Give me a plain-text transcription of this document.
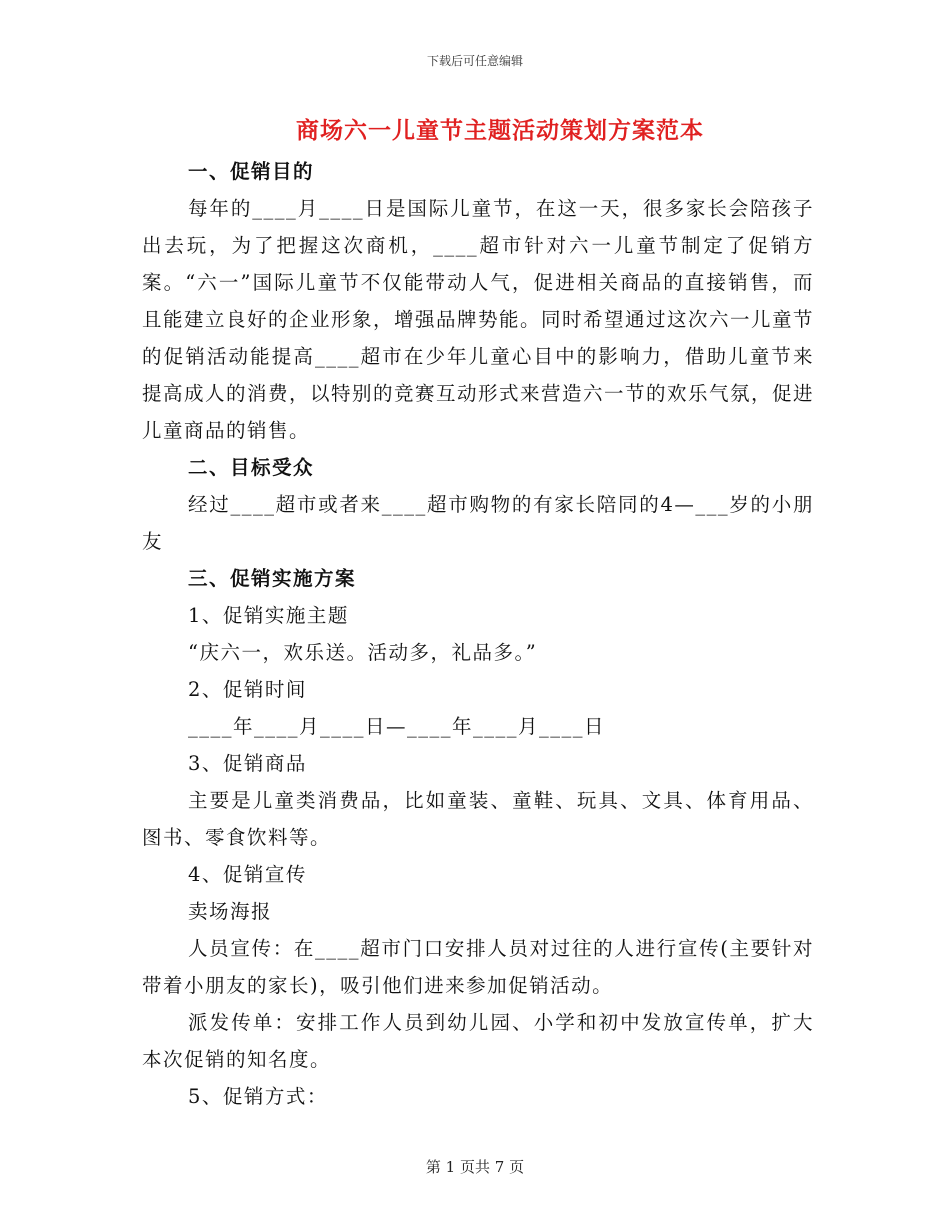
下载后可任意编辑
商场六一儿童节主题活动策划方案范本

一、促销目的

每年的____月____日是国际儿童节，在这一天，很多家长会陪孩子出去玩，为了把握这次商机，____超市针对六一儿童节制定了促销方案。“六一”国际儿童节不仅能带动人气，促进相关商品的直接销售，而且能建立良好的企业形象，增强品牌势能。同时希望通过这次六一儿童节的促销活动能提高____超市在少年儿童心目中的影响力，借助儿童节来提高成人的消费，以特别的竞赛互动形式来营造六一节的欢乐气氛，促进儿童商品的销售。

二、目标受众

经过____超市或者来____超市购物的有家长陪同的4—___岁的小朋友

三、促销实施方案

1、促销实施主题

“庆六一，欢乐送。活动多，礼品多。”

2、促销时间

____年____月____日—____年____月____日

3、促销商品

主要是儿童类消费品，比如童装、童鞋、玩具、文具、体育用品、图书、零食饮料等。

4、促销宣传

卖场海报

人员宣传：在____超市门口安排人员对过往的人进行宣传(主要针对带着小朋友的家长)，吸引他们进来参加促销活动。

派发传单：安排工作人员到幼儿园、小学和初中发放宣传单，扩大本次促销的知名度。

5、促销方式：

第 1 页共 7 页
